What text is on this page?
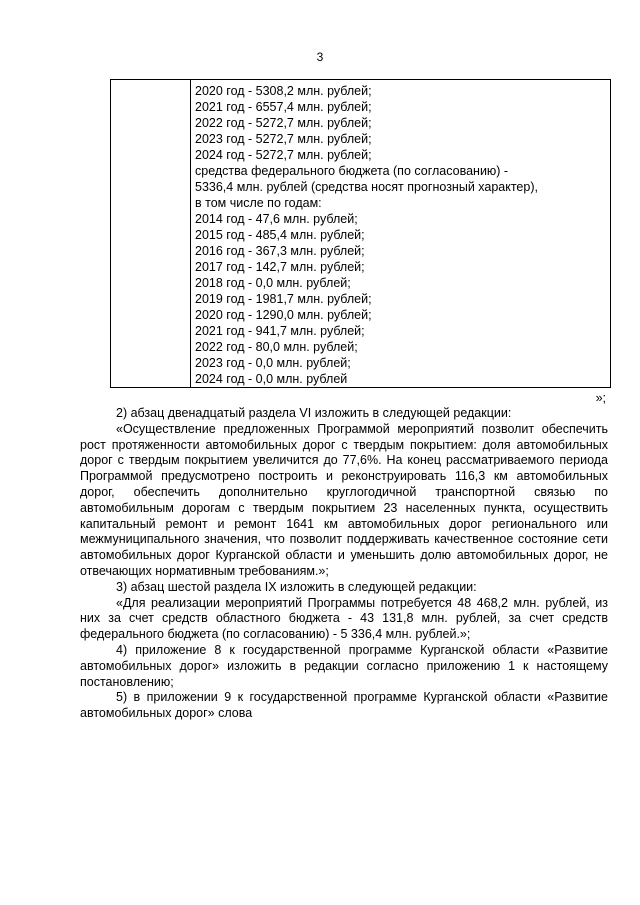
3
2020 год - 5308,2 млн. рублей;
2021 год - 6557,4 млн. рублей;
2022 год - 5272,7 млн. рублей;
2023 год - 5272,7 млн. рублей;
2024 год - 5272,7 млн. рублей;
средства федерального бюджета (по согласованию) -
5336,4 млн. рублей (средства носят прогнозный характер),
в том числе по годам:
2014 год - 47,6 млн. рублей;
2015 год - 485,4 млн. рублей;
2016 год - 367,3 млн. рублей;
2017 год - 142,7 млн. рублей;
2018 год - 0,0 млн. рублей;
2019 год - 1981,7 млн. рублей;
2020 год - 1290,0 млн. рублей;
2021 год - 941,7 млн. рублей;
2022 год - 80,0 млн. рублей;
2023 год - 0,0 млн. рублей;
2024 год - 0,0 млн. рублей
»;

2) абзац двенадцатый раздела VI изложить в следующей редакции:

«Осуществление предложенных Программой мероприятий позволит обеспечить рост протяженности автомобильных дорог с твердым покрытием: доля автомобильных дорог с твердым покрытием увеличится до 77,6%. На конец рассматриваемого периода Программой предусмотрено построить и реконструировать 116,3 км автомобильных дорог, обеспечить дополнительно круглогодичной транспортной связью по автомобильным дорогам с твердым покрытием 23 населенных пункта, осуществить капитальный ремонт и ремонт 1641 км автомобильных дорог регионального или межмуниципального значения, что позволит поддерживать качественное состояние сети автомобильных дорог Курганской области и уменьшить долю автомобильных дорог, не отвечающих нормативным требованиям.»;

3) абзац шестой раздела IX изложить в следующей редакции:

«Для реализации мероприятий Программы потребуется 48 468,2 млн. рублей, из них за счет средств областного бюджета - 43 131,8 млн. рублей, за счет средств федерального бюджета (по согласованию) - 5 336,4 млн. рублей.»;

4) приложение 8 к государственной программе Курганской области «Развитие автомобильных дорог» изложить в редакции согласно приложению 1 к настоящему постановлению;

5) в приложении 9 к государственной программе Курганской области «Развитие автомобильных дорог» слова
